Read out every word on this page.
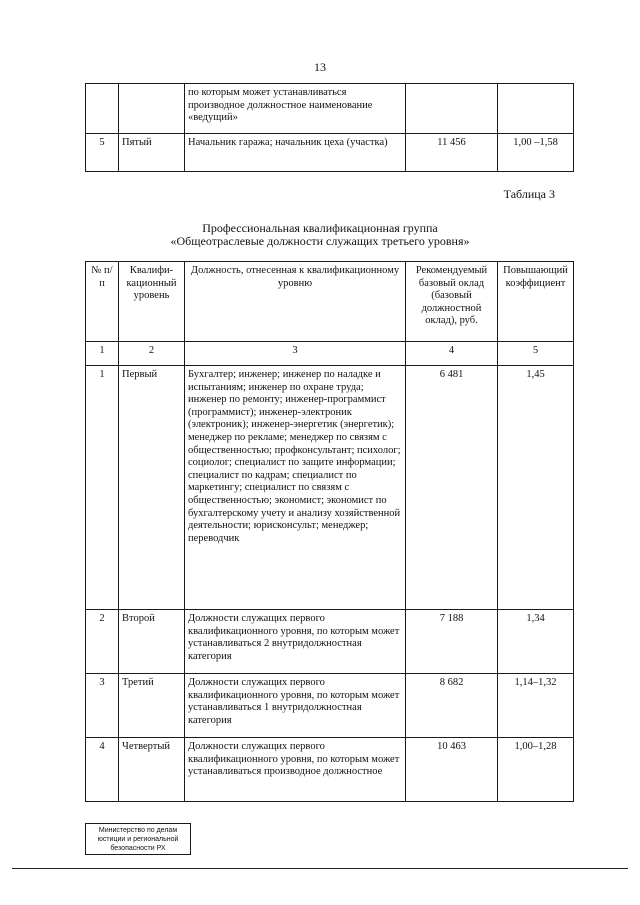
13
		по которым может устанавливаться производное должностное наименование «ведущий»		
5	Пятый	Начальник гаража; начальник цеха (участка)	11 456	1,00 –1,58
Таблица 3
Профессиональная квалификационная группа
«Общеотраслевые должности служащих третьего уровня»
№ п/п	Квалифи-кационный уровень	Должность, отнесенная к квалификационному уровню	Рекомендуемый базовый оклад (базовый должностной оклад), руб.	Повышающий коэффициент
1	2	3	4	5
1	Первый	Бухгалтер; инженер; инженер по наладке и испытаниям; инженер по охране труда; инженер по ремонту; инженер-программист (программист); инженер-электроник (электроник); инженер-энергетик (энергетик); менеджер по рекламе; менеджер по связям с общественностью; профконсультант; психолог; социолог; специалист по защите информации; специалист по кадрам; специалист по маркетингу; специалист по связям с общественностью; экономист; экономист по бухгалтерскому учету и анализу хозяйственной деятельности; юрисконсульт; менеджер; переводчик	6 481	1,45
2	Второй	Должности служащих первого квалификационного уровня, по которым может устанавливаться 2 внутридолжностная категория	7 188	1,34
3	Третий	Должности служащих первого квалификационного уровня, по которым может устанавливаться 1 внутридолжностная категория	8 682	1,14–1,32
4	Четвертый	Должности служащих первого квалификационного уровня, по которым может устанавливаться производное должностное	10 463	1,00–1,28
Министерство по делам
юстиции и региональной
безопасности РХ
